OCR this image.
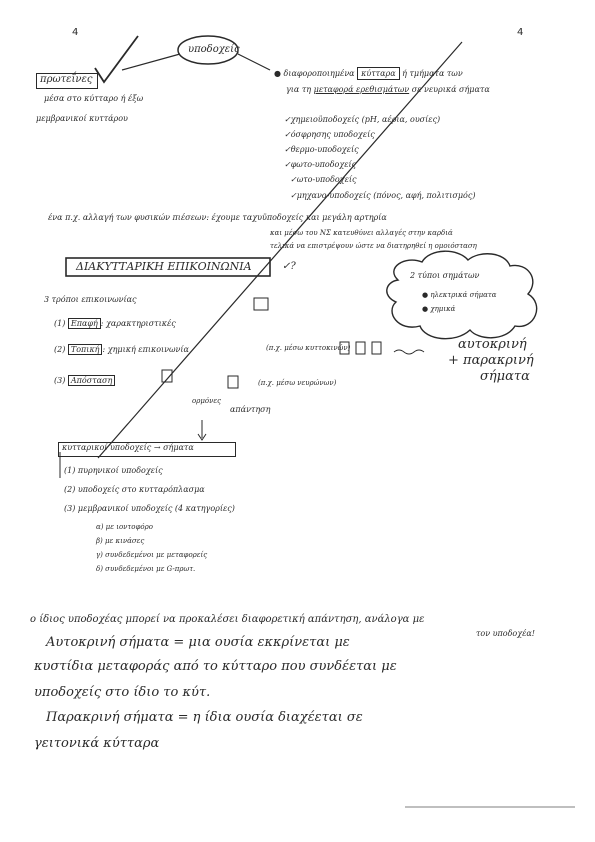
4	4
υποδοχείς
πρωτεΐνες
μέσα στο κύτταρο ή έξω
μεμβρανικοί κυττάρου
● διαφοροποιημένα κύτταρα ή τμήματα των
για τη μεταφορά ερεθισμάτων σε νευρικά σήματα
✓χημειοϋποδοχείς (pH, αέρια, ουσίες)
✓όσφρησης υποδοχείς
✓θερμο-υποδοχείς
✓φωτο-υποδοχείς
✓ωτο-υποδοχείς
✓μηχανο-υποδοχείς (πόνος, αφή, πολιτισμός)
ένα π.χ. αλλαγή των φυσικών πιέσεων: έχουμε ταχυϋποδοχείς και μεγάλη αρτηρία
και μέσω του ΝΣ κατευθύνει αλλαγές στην καρδιά
τελικά να επιστρέψουν ώστε να διατηρηθεί η ομοιόσταση
ΔΙΑΚΥΤΤΑΡΙΚΗ ΕΠΙΚΟΙΝΩΝΙΑ	✓?
3 τρόποι επικοινωνίας
(1) Επαφή : χαρακτηριστικές
(2) Τοπική : χημική επικοινωνία	(π.χ. μέσω κυττοκινών)
(3) Απόσταση	(π.χ. μέσω νευρώνων)
ορμόνες
απάντηση
2 τύποι σημάτων
● ηλεκτρικά σήματα
● χημικά
αυτοκρινή
+ παρακρινή
σήματα
κυτταρικοί υποδοχείς → σήματα
(1) πυρηνικοί υποδοχείς
(2) υποδοχείς στο κυτταρόπλασμα
(3) μεμβρανικοί υποδοχείς (4 κατηγορίες)
α) με ιοντοφόρο
β) με κινάσες
γ) συνδεδεμένοι με μεταφορείς
δ) συνδεδεμένοι με G-πρωτ.
ο ίδιος υποδοχέας μπορεί να προκαλέσει διαφορετική απάντηση, ανάλογα με
τον υποδοχέα!
Αυτοκρινή σήματα = μια ουσία εκκρίνεται με
κυστίδια μεταφοράς από το κύτταρο που συνδέεται με
υποδοχείς στο ίδιο το κύτ.
Παρακρινή σήματα = η ίδια ουσία διαχέεται σε
γειτονικά κύτταρα
